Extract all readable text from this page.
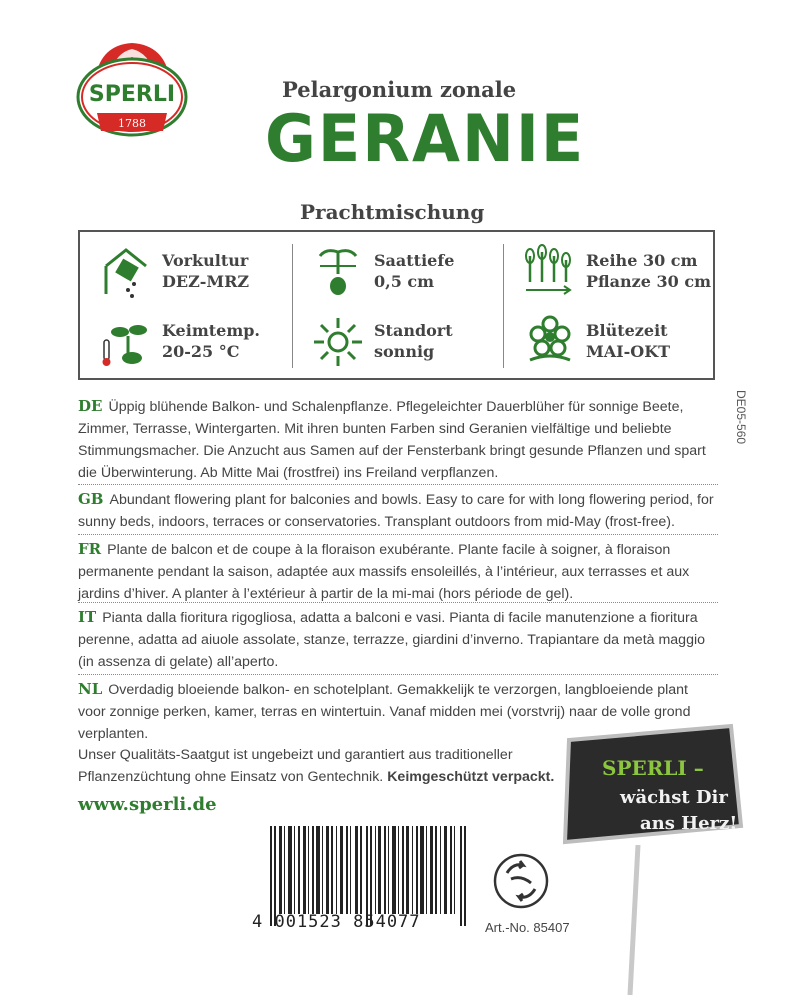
SPERLI
1788
Pelargonium zonale
GERANIE
Prachtmischung
Vorkultur
DEZ-MRZ
Saattiefe
0,5 cm
Reihe 30 cm
Pflanze 30 cm
Keimtemp.
20-25 °C
Standort
sonnig
Blütezeit
MAI-OKT
DE05-560
DE Üppig blühende Balkon- und Schalenpflanze. Pflegeleichter Dauerblüher für sonnige Beete, Zimmer, Terrasse, Wintergarten. Mit ihren bunten Farben sind Geranien vielfältige und beliebte Stimmungsmacher. Die Anzucht aus Samen auf der Fensterbank bringt gesunde Pflanzen und spart die Überwinterung. Ab Mitte Mai (frostfrei) ins Freiland verpflanzen.
GB Abundant flowering plant for balconies and bowls. Easy to care for with long flowering period, for sunny beds, indoors, terraces or conservatories. Transplant outdoors from mid-May (frost-free).
FR Plante de balcon et de coupe à la floraison exubérante. Plante facile à soigner, à floraison permanente pendant la saison, adaptée aux massifs ensoleillés, à l’intérieur, aux terrasses et aux jardins d’hiver. A planter à l’extérieur à partir de la mi-mai (hors période de gel).
IT Pianta dalla fioritura rigogliosa, adatta a balconi e vasi. Pianta di facile manutenzione a fioritura perenne, adatta ad aiuole assolate, stanze, terrazze, giardini d’inverno. Trapiantare da metà maggio (in assenza di gelate) all’aperto.
NL Overdadig bloeiende balkon- en schotelplant. Gemakkelijk te verzorgen, langbloeiende plant voor zonnige perken, kamer, terras en wintertuin. Vanaf midden mei (vorstvrij) naar de volle grond verplanten.
Unser Qualitäts-Saatgut ist ungebeizt und garantiert aus traditioneller
Pflanzenzüchtung ohne Einsatz von Gentechnik. Keimgeschützt verpackt.
www.sperli.de
SPERLI –
wächst Dir
ans Herz!
4 001523 854077	Art.-No. 85407
